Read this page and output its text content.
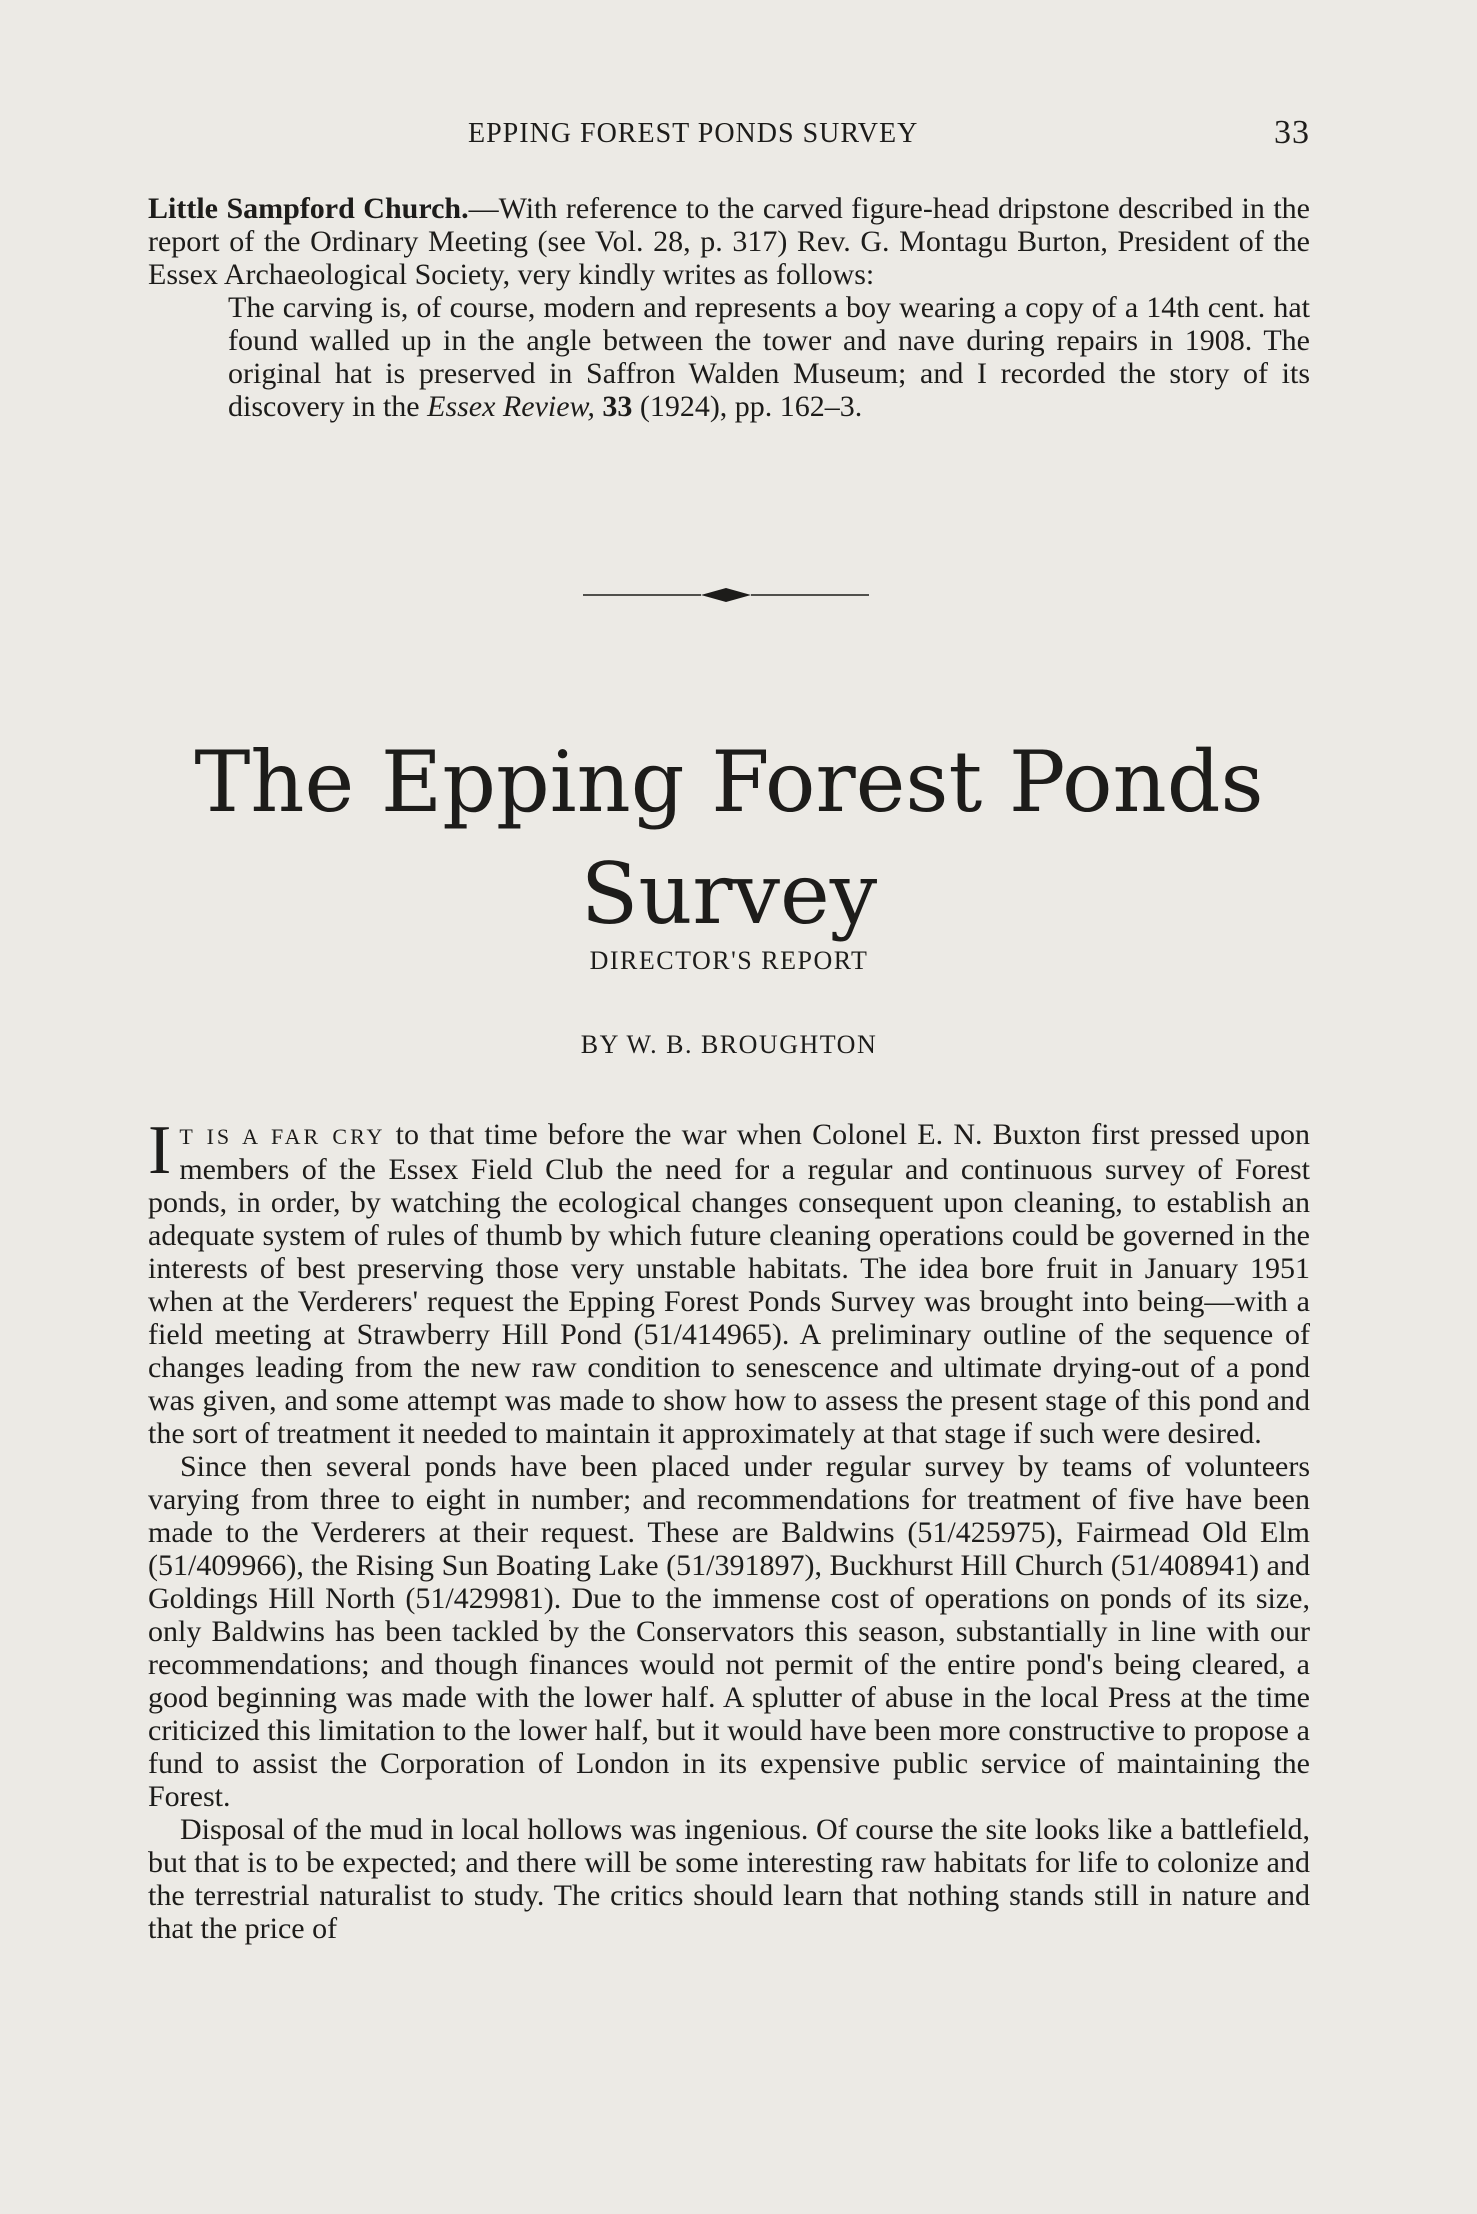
EPPING FOREST PONDS SURVEY	33

Little Sampford Church.—With reference to the carved figure-head dripstone described in the report of the Ordinary Meeting (see Vol. 28, p. 317) Rev. G. Montagu Burton, President of the Essex Archaeological Society, very kindly writes as follows:

The carving is, of course, modern and represents a boy wearing a copy of a 14th cent. hat found walled up in the angle between the tower and nave during repairs in 1908. The original hat is preserved in Saffron Walden Museum; and I recorded the story of its discovery in the Essex Review, 33 (1924), pp. 162–3.
The Epping Forest Ponds Survey
DIRECTOR'S REPORT
BY W. B. BROUGHTON

I T IS A FAR CRY to that time before the war when Colonel E. N. Buxton first pressed upon members of the Essex Field Club the need for a regular and continuous survey of Forest ponds, in order, by watching the ecological changes consequent upon cleaning, to establish an adequate system of rules of thumb by which future cleaning operations could be governed in the interests of best preserving those very unstable habitats. The idea bore fruit in January 1951 when at the Verderers' request the Epping Forest Ponds Survey was brought into being—with a field meeting at Strawberry Hill Pond (51/414965). A preliminary outline of the sequence of changes leading from the new raw condition to senescence and ultimate drying-out of a pond was given, and some attempt was made to show how to assess the present stage of this pond and the sort of treatment it needed to maintain it approximately at that stage if such were desired.

Since then several ponds have been placed under regular survey by teams of volunteers varying from three to eight in number; and recommendations for treatment of five have been made to the Verderers at their request. These are Baldwins (51/425975), Fairmead Old Elm (51/409966), the Rising Sun Boating Lake (51/391897), Buckhurst Hill Church (51/408941) and Goldings Hill North (51/429981). Due to the immense cost of operations on ponds of its size, only Baldwins has been tackled by the Conservators this season, substantially in line with our recommendations; and though finances would not permit of the entire pond's being cleared, a good beginning was made with the lower half. A splutter of abuse in the local Press at the time criticized this limitation to the lower half, but it would have been more constructive to propose a fund to assist the Corporation of London in its expensive public service of maintaining the Forest.

Disposal of the mud in local hollows was ingenious. Of course the site looks like a battlefield, but that is to be expected; and there will be some interesting raw habitats for life to colonize and the terrestrial naturalist to study. The critics should learn that nothing stands still in nature and that the price of
